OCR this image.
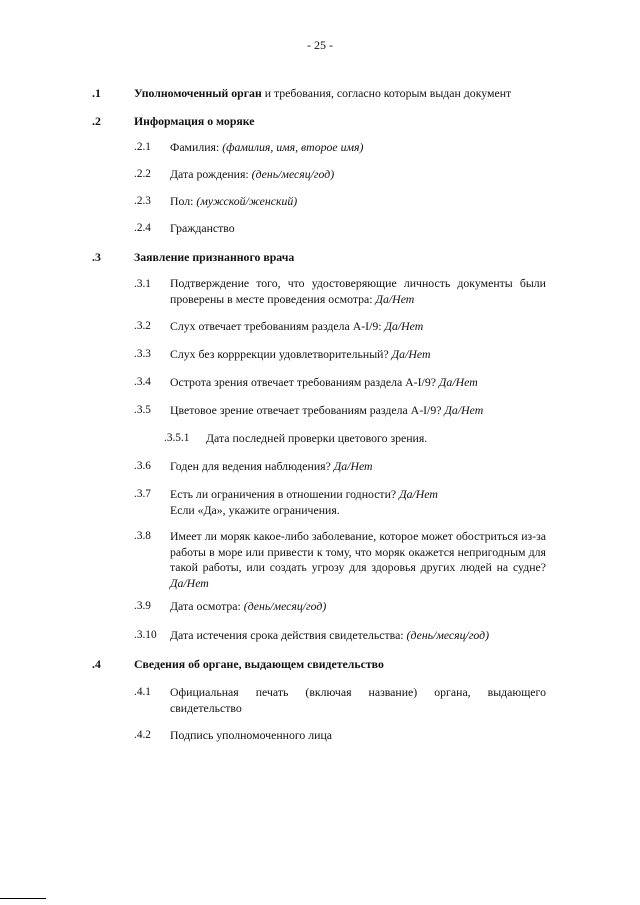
- 25 -
.1	Уполномоченный орган и требования, согласно которым выдан документ
.2	Информация о моряке
.2.1 Фамилия: (фамилия, имя, второе имя)
.2.2 Дата рождения: (день/месяц/год)
.2.3 Пол: (мужской/женский)
.2.4 Гражданство
.3	Заявление признанного врача
.3.1 Подтверждение того, что удостоверяющие личность документы были проверены в месте проведения осмотра: Да/Нет
.3.2 Слух отвечает требованиям раздела A-I/9: Да/Нет
.3.3 Слух без корррекции удовлетворительный? Да/Нет
.3.4 Острота зрения отвечает требованиям раздела A-I/9? Да/Нет
.3.5 Цветовое зрение отвечает требованиям раздела A-I/9? Да/Нет
.3.5.1 Дата последней проверки цветового зрения.
.3.6 Годен для ведения наблюдения? Да/Нет
.3.7 Есть ли ограничения в отношении годности? Да/Нет
Если «Да», укажите ограничения.
.3.8 Имеет ли моряк какое-либо заболевание, которое может обостриться из-за работы в море или привести к тому, что моряк окажется непригодным для такой работы, или создать угрозу для здоровья других людей на судне? Да/Нет
.3.9 Дата осмотра: (день/месяц/год)
.3.10 Дата истечения срока действия свидетельства: (день/месяц/год)
.4	Сведения об органе, выдающем свидетельство
.4.1 Официальная печать (включая название) органа, выдающего свидетельство
.4.2 Подпись уполномоченного лица
